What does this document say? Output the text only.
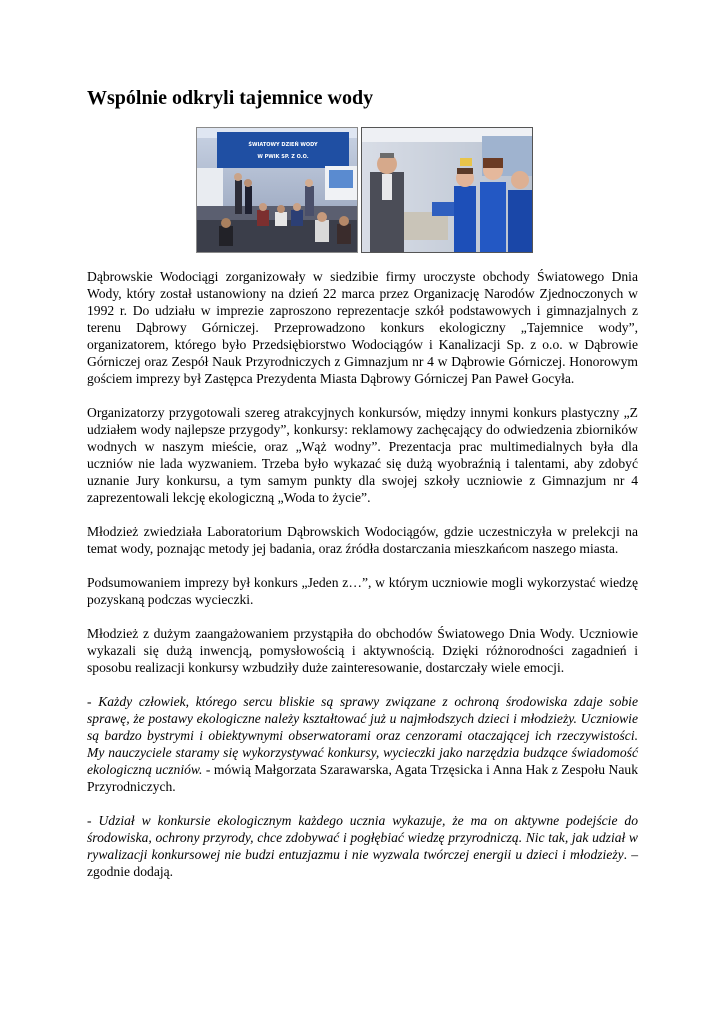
Wspólnie odkryli tajemnice wody
ŚWIATOWY DZIEŃ WODY
W PWIK SP. Z O.O.

Dąbrowskie Wodociągi zorganizowały w siedzibie firmy uroczyste obchody Światowego Dnia Wody, który został ustanowiony na dzień 22 marca przez Organizację Narodów Zjednoczonych w 1992 r. Do udziału w imprezie zaproszono reprezentacje szkół podstawowych i gimnazjalnych z terenu Dąbrowy Górniczej. Przeprowadzono konkurs ekologiczny „Tajemnice wody”, organizatorem, którego było Przedsiębiorstwo Wodociągów i Kanalizacji Sp. z o.o. w Dąbrowie Górniczej oraz Zespół Nauk Przyrodniczych z Gimnazjum nr 4 w Dąbrowie Górniczej. Honorowym gościem imprezy był Zastępca Prezydenta Miasta Dąbrowy Górniczej Pan Paweł Gocyła.

Organizatorzy przygotowali szereg atrakcyjnych konkursów, między innymi konkurs plastyczny „Z udziałem wody najlepsze przygody”, konkursy: reklamowy zachęcający do odwiedzenia zbiorników wodnych w naszym mieście, oraz „Wąż wodny”. Prezentacja prac multimedialnych była dla uczniów nie lada wyzwaniem. Trzeba było wykazać się dużą wyobraźnią i talentami, aby zdobyć uznanie Jury konkursu, a tym samym punkty dla swojej szkoły uczniowie z Gimnazjum nr 4 zaprezentowali lekcję ekologiczną „Woda to życie”.

Młodzież zwiedziała Laboratorium Dąbrowskich Wodociągów, gdzie uczestniczyła w prelekcji na temat wody, poznając metody jej badania, oraz źródła dostarczania mieszkańcom naszego miasta.

Podsumowaniem imprezy był konkurs „Jeden z…”, w którym uczniowie mogli wykorzystać wiedzę pozyskaną podczas wycieczki.

Młodzież z dużym zaangażowaniem przystąpiła do obchodów Światowego Dnia Wody. Uczniowie wykazali się dużą inwencją, pomysłowością i aktywnością. Dzięki różnorodności zagadnień i sposobu realizacji konkursy wzbudziły duże zainteresowanie, dostarczały wiele emocji.

- Każdy człowiek, którego sercu bliskie są sprawy związane z ochroną środowiska zdaje sobie sprawę, że postawy ekologiczne należy kształtować już u najmłodszych dzieci i młodzieży. Uczniowie są bardzo bystrymi i obiektywnymi obserwatorami oraz cenzorami otaczającej ich rzeczywistości. My nauczyciele staramy się wykorzystywać konkursy, wycieczki jako narzędzia budzące świadomość ekologiczną uczniów. - mówią Małgorzata Szarawarska, Agata Trzęsicka i Anna Hak z Zespołu Nauk Przyrodniczych.

- Udział w konkursie ekologicznym każdego ucznia wykazuje, że ma on aktywne podejście do środowiska, ochrony przyrody, chce zdobywać i pogłębiać wiedzę przyrodniczą. Nic tak, jak udział w rywalizacji konkursowej nie budzi entuzjazmu i nie wyzwala twórczej energii u dzieci i młodzieży. – zgodnie dodają.
